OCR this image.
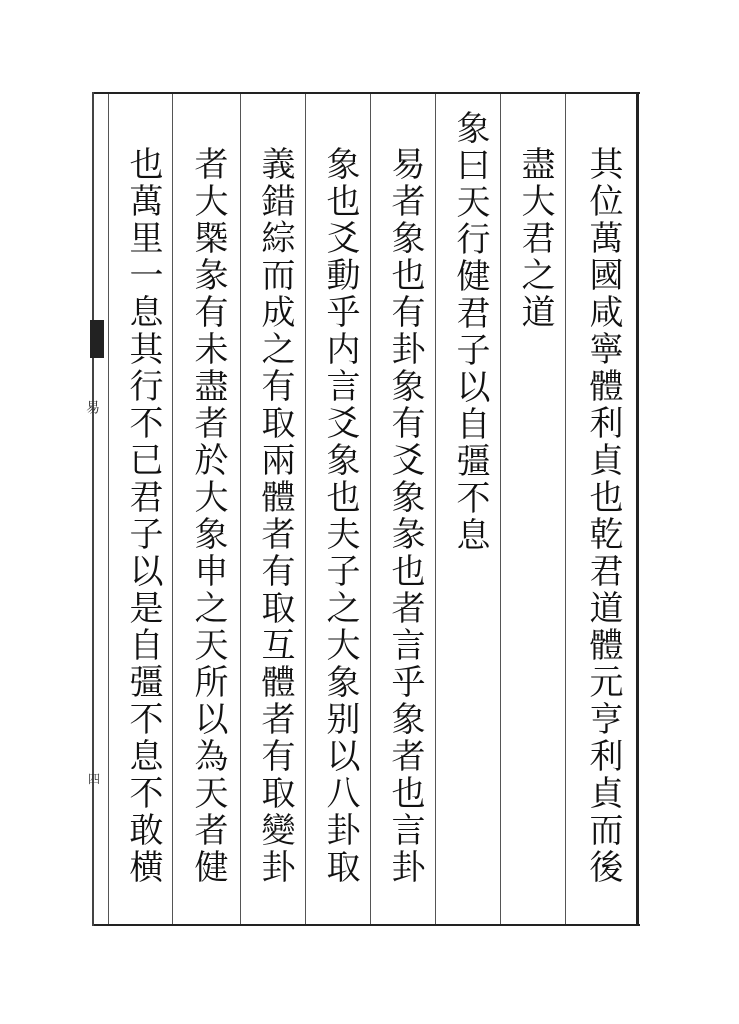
易
四	其位萬國咸寧體利貞也乾君道體元亨利貞而後
盡大君之道
象曰天行健君子以自彊不息
易者象也有卦象有爻象彖也者言乎象者也言卦
象也爻動乎内言爻象也夫子之大象别以八卦取
義錯綜而成之有取兩體者有取互體者有取變卦
者大槩彖有未盡者於大象申之天所以為天者健
也萬里一息其行不已君子以是自彊不息不敢横
